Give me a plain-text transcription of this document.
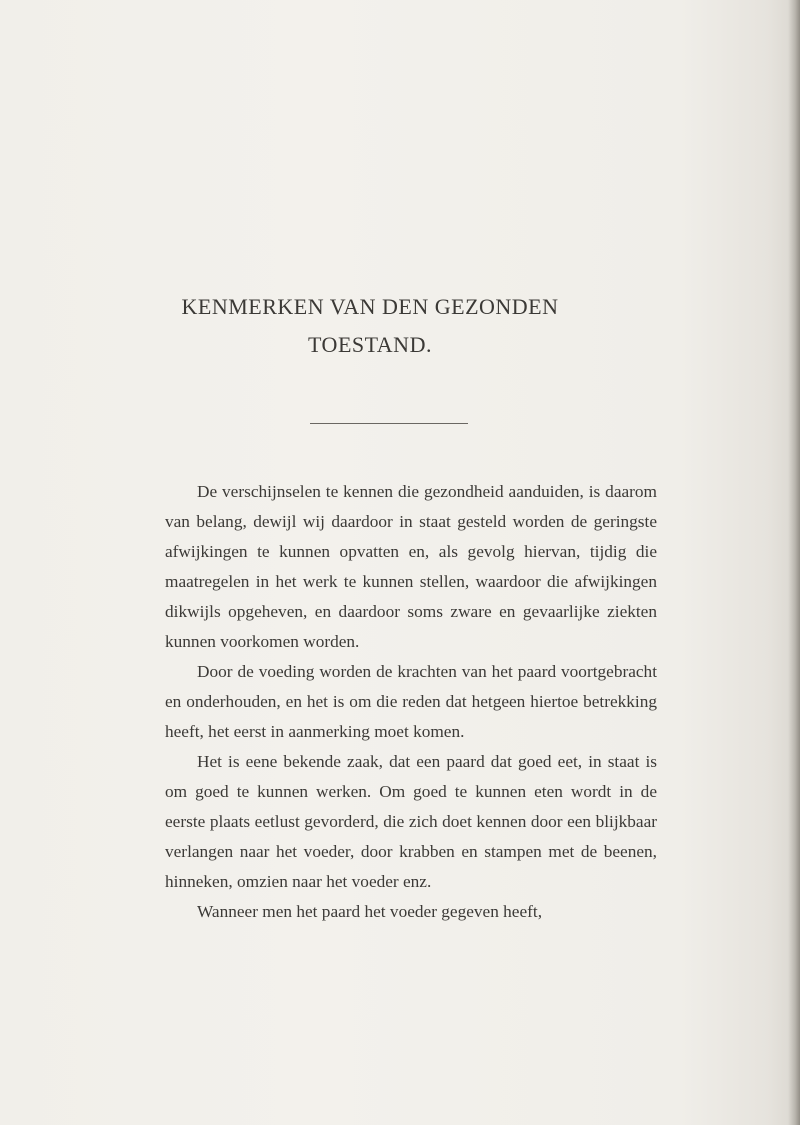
KENMERKEN VAN DEN GEZONDEN
TOESTAND.

De verschijnselen te kennen die gezondheid aanduiden, is daarom van belang, dewijl wij daardoor in staat gesteld worden de geringste afwijkingen te kunnen opvatten en, als gevolg hiervan, tijdig die maatregelen in het werk te kunnen stellen, waardoor die afwijkingen dikwijls opgeheven, en daardoor soms zware en gevaarlijke ziekten kunnen voorkomen worden.

Door de voeding worden de krachten van het paard voortgebracht en onderhouden, en het is om die reden dat hetgeen hiertoe betrekking heeft, het eerst in aanmerking moet komen.

Het is eene bekende zaak, dat een paard dat goed eet, in staat is om goed te kunnen werken. Om goed te kunnen eten wordt in de eerste plaats eetlust gevorderd, die zich doet kennen door een blijkbaar verlangen naar het voeder, door krabben en stampen met de beenen, hinneken, omzien naar het voeder enz.

Wanneer men het paard het voeder gegeven heeft,
